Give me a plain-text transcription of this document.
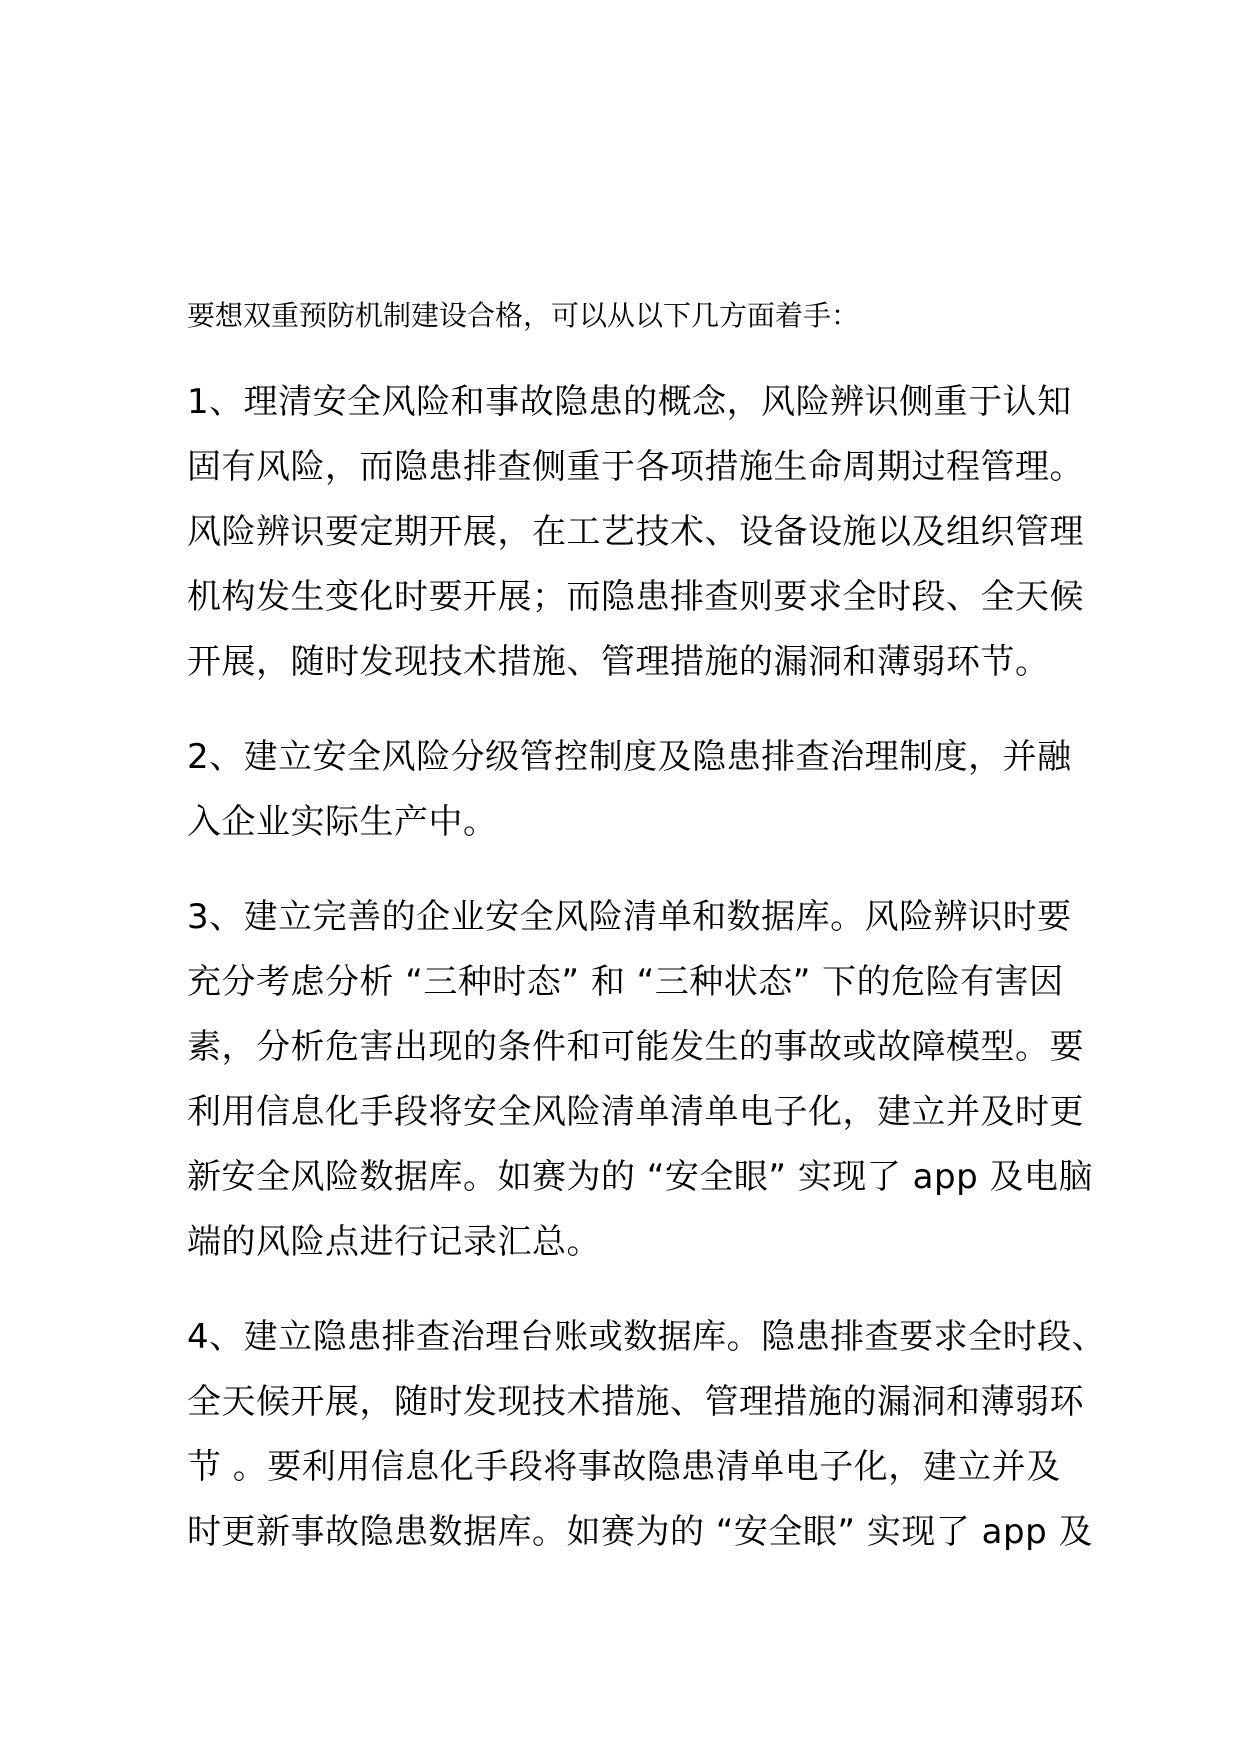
要想双重预防机制建设合格，可以从以下几方面着手：

1、理清安全风险和事故隐患的概念，风险辨识侧重于认知
固有风险，而隐患排查侧重于各项措施生命周期过程管理。
风险辨识要定期开展，在工艺技术、设备设施以及组织管理
机构发生变化时要开展；而隐患排查则要求全时段、全天候
开展，随时发现技术措施、管理措施的漏洞和薄弱环节。
2、建立安全风险分级管控制度及隐患排查治理制度，并融
入企业实际生产中。
3、建立完善的企业安全风险清单和数据库。风险辨识时要
充分考虑分析 “三种时态” 和 “三种状态” 下的危险有害因
素，分析危害出现的条件和可能发生的事故或故障模型。要
利用信息化手段将安全风险清单清单电子化，建立并及时更
新安全风险数据库。如赛为的 “安全眼” 实现了 app 及电脑
端的风险点进行记录汇总。
4、建立隐患排查治理台账或数据库。隐患排查要求全时段、
全天候开展，随时发现技术措施、管理措施的漏洞和薄弱环
节 。要利用信息化手段将事故隐患清单电子化，建立并及
时更新事故隐患数据库。如赛为的 “安全眼” 实现了 app 及
